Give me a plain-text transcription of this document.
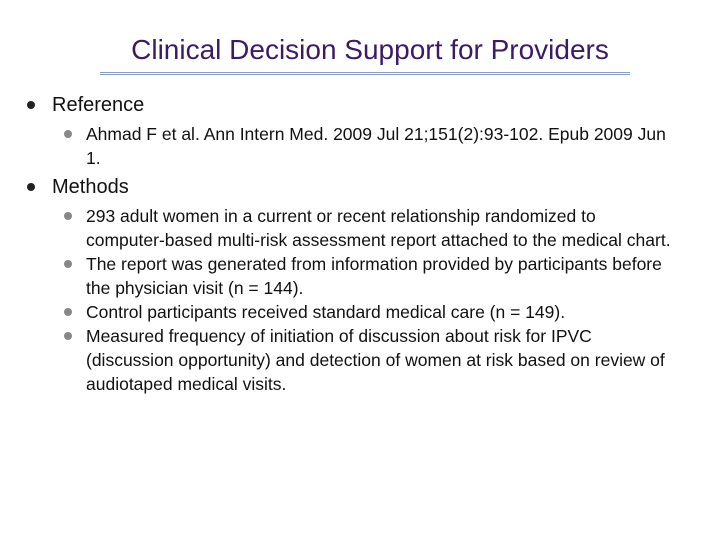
Clinical Decision Support for Providers
Reference
Ahmad F et al. Ann Intern Med. 2009 Jul 21;151(2):93-102. Epub 2009 Jun 1.
Methods
293 adult women in a current or recent relationship randomized to computer-based multi-risk assessment report attached to the medical chart.
The report was generated from information provided by participants before the physician visit (n = 144).
Control participants received standard medical care (n = 149).
Measured frequency of initiation of discussion about risk for IPVC (discussion opportunity) and detection of women at risk based on review of audiotaped medical visits.
